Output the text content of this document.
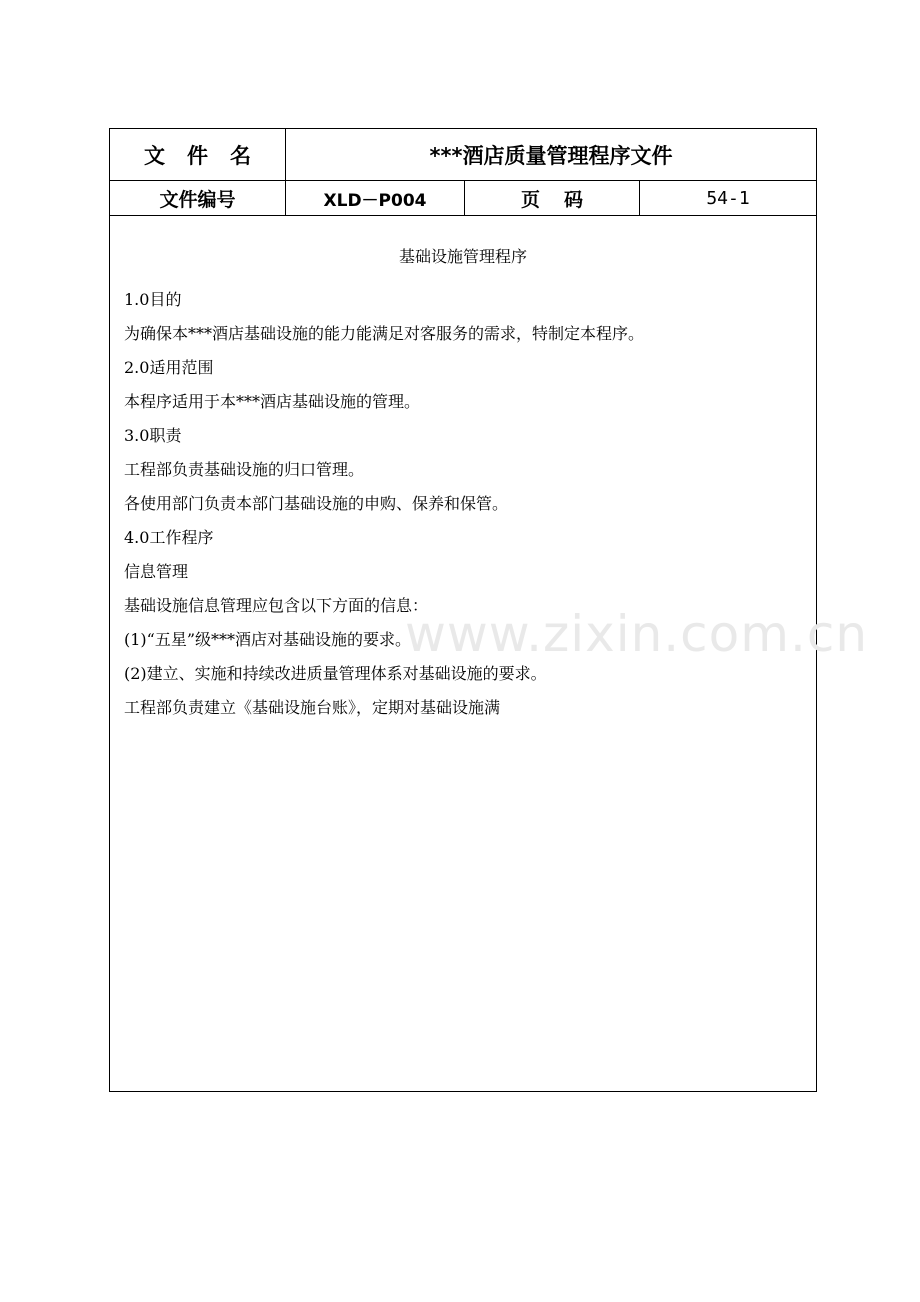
文件名	***酒店质量管理程序文件
文件编号	XLD－P004	页码	54-1
基础设施管理程序
1.0目的
为确保本***酒店基础设施的能力能满足对客服务的需求，特制定本程序。
2.0适用范围
本程序适用于本***酒店基础设施的管理。
3.0职责
工程部负责基础设施的归口管理。
各使用部门负责本部门基础设施的申购、保养和保管。
4.0工作程序
信息管理
基础设施信息管理应包含以下方面的信息：
(1)“五星”级***酒店对基础设施的要求。
(2)建立、实施和持续改进质量管理体系对基础设施的要求。
工程部负责建立《基础设施台账》，定期对基础设施满
www.zixin.com.cn
